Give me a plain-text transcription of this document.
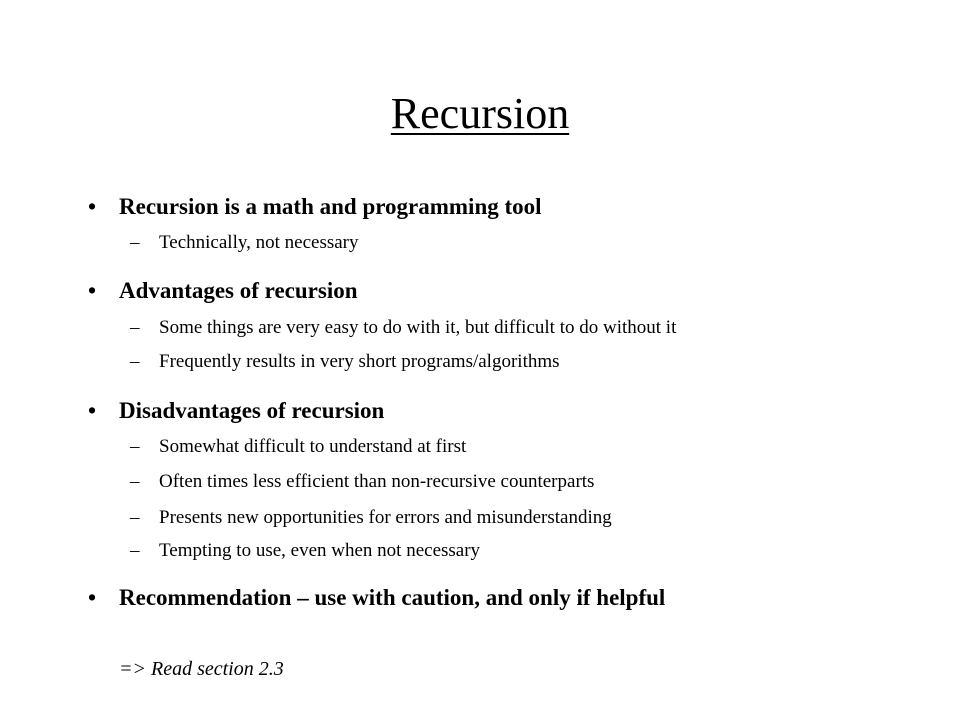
Recursion
• Recursion is a math and programming tool
– Technically, not necessary
• Advantages of recursion
– Some things are very easy to do with it, but difficult to do without it
– Frequently results in very short programs/algorithms
• Disadvantages of recursion
– Somewhat difficult to understand at first
– Often times less efficient than non-recursive counterparts
– Presents new opportunities for errors and misunderstanding
– Tempting to use, even when not necessary
• Recommendation – use with caution, and only if helpful
=> Read section 2.3
